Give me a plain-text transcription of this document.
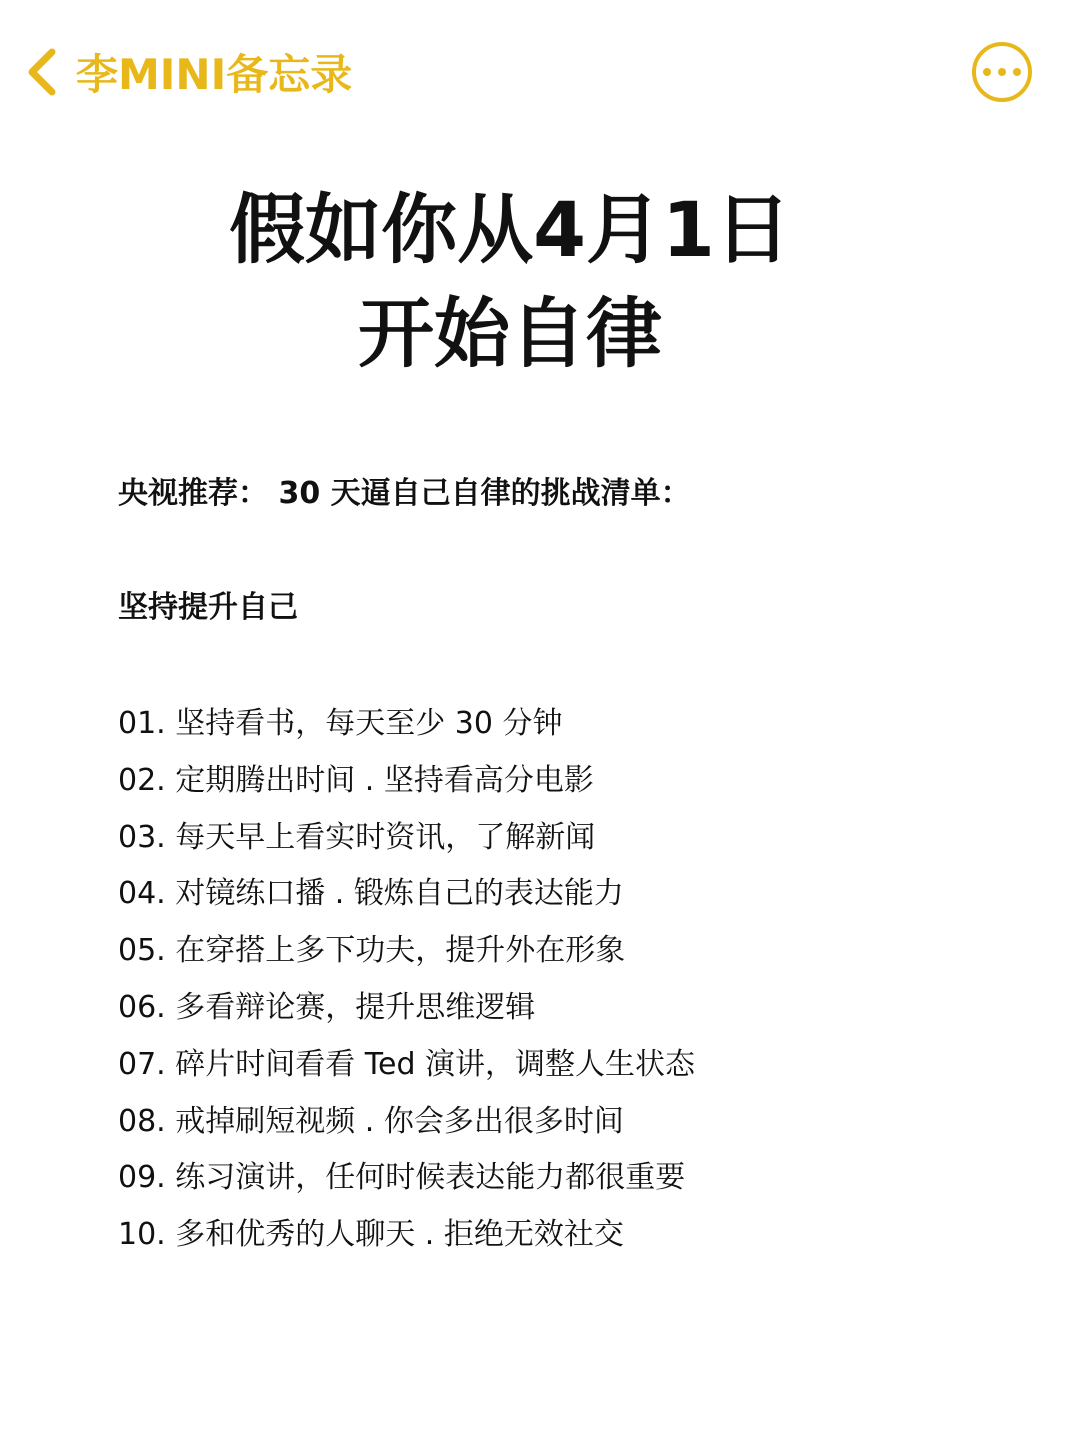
李MINI备忘录
假如你从4月1日
开始自律

央视推荐： 30 天逼自己自律的挑战清单：

坚持提升自己

01. 坚持看书，每天至少 30 分钟
02. 定期腾出时间 . 坚持看高分电影
03. 每天早上看实时资讯，了解新闻
04. 对镜练口播 . 锻炼自己的表达能力
05. 在穿搭上多下功夫，提升外在形象
06. 多看辩论赛，提升思维逻辑
07. 碎片时间看看 Ted 演讲，调整人生状态
08. 戒掉刷短视频 . 你会多出很多时间
09. 练习演讲，任何时候表达能力都很重要
10. 多和优秀的人聊天 . 拒绝无效社交
